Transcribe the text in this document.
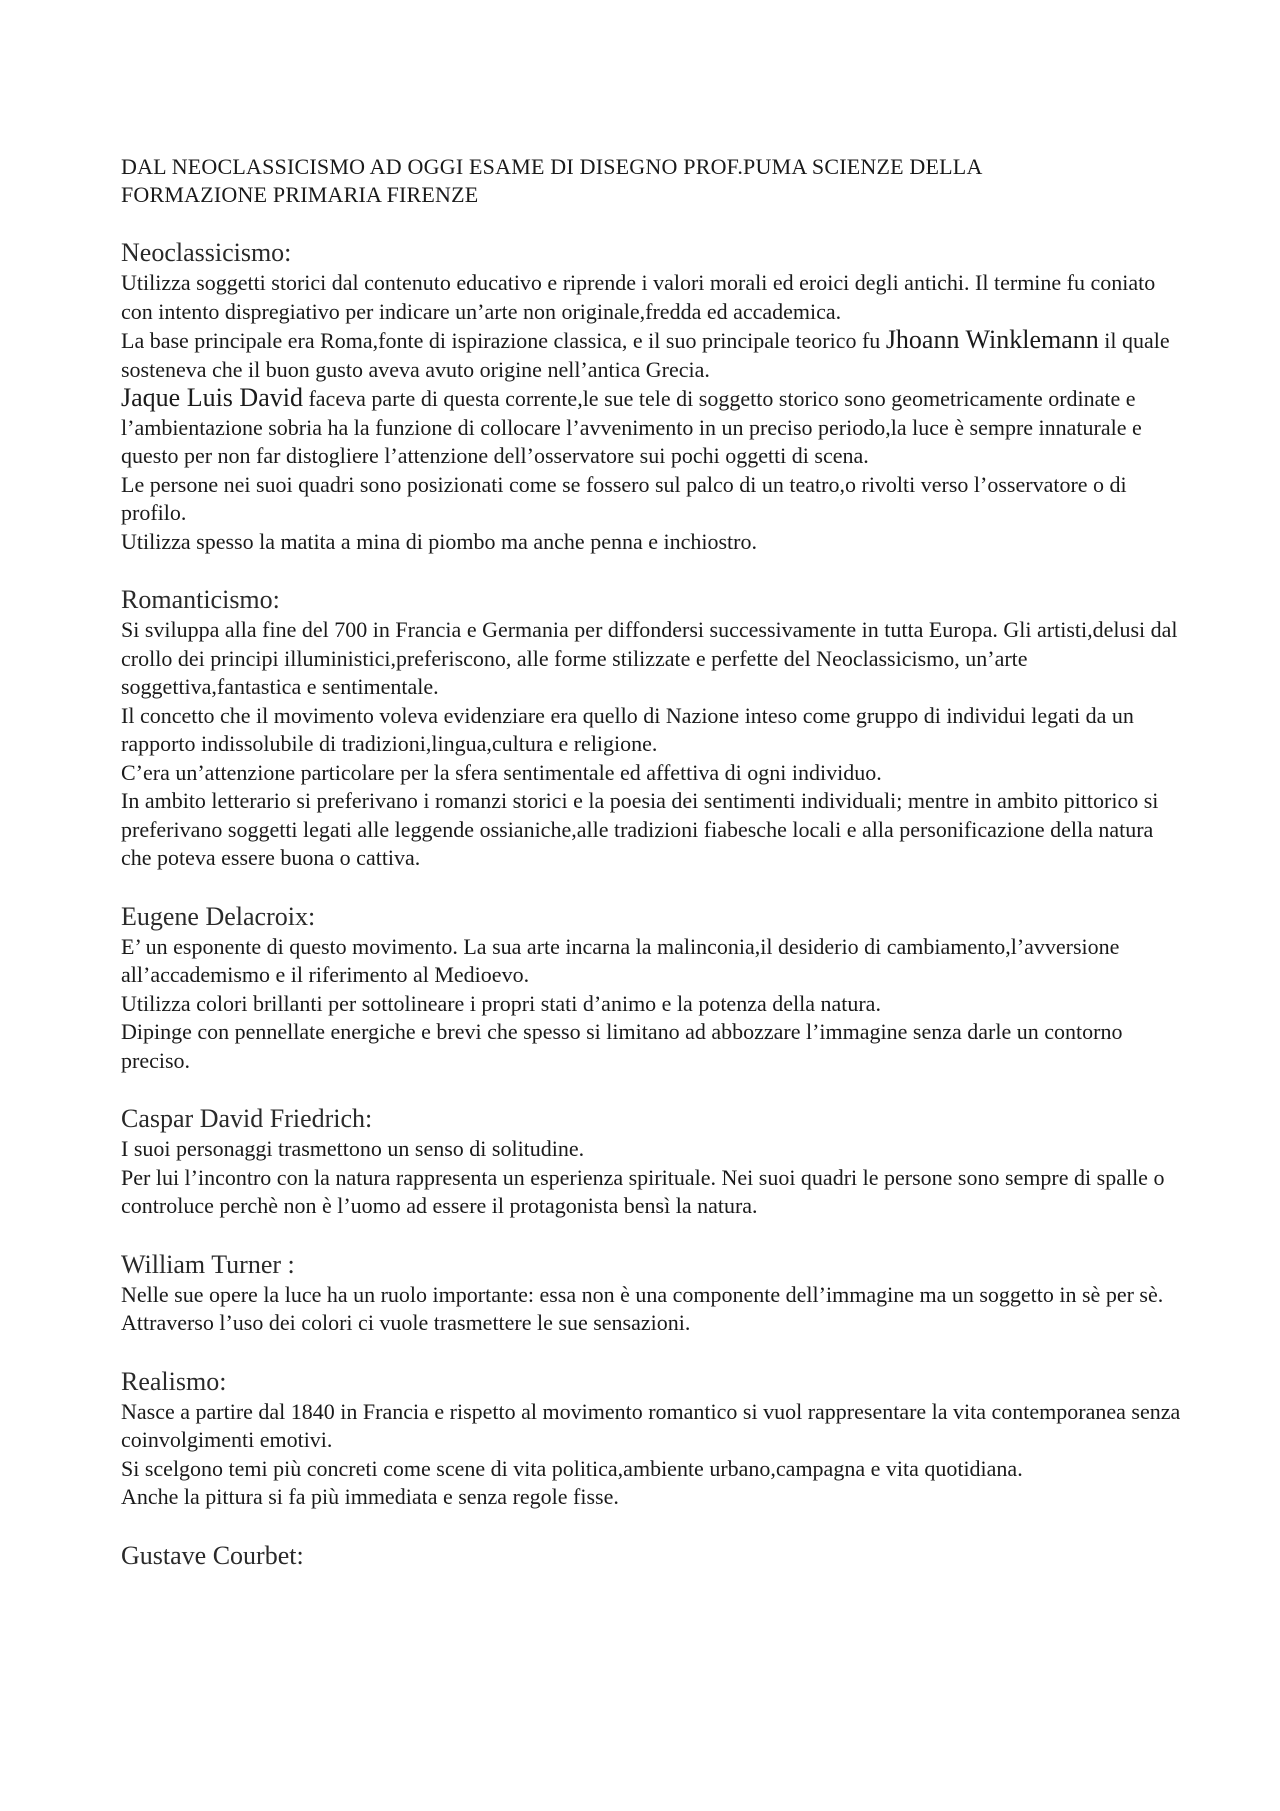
DAL NEOCLASSICISMO AD OGGI ESAME DI DISEGNO PROF.PUMA SCIENZE DELLA
FORMAZIONE PRIMARIA FIRENZE
Neoclassicismo:

Utilizza soggetti storici dal contenuto educativo e riprende i valori morali ed eroici degli antichi. Il termine fu coniato con intento dispregiativo per indicare un’arte non originale,fredda ed accademica.

La base principale era Roma,fonte di ispirazione classica, e il suo principale teorico fu Jhoann Winklemann il quale sosteneva che il buon gusto aveva avuto origine nell’antica Grecia.

Jaque Luis David faceva parte di questa corrente,le sue tele di soggetto storico sono geometricamente ordinate e l’ambientazione sobria ha la funzione di collocare l’avvenimento in un preciso periodo,la luce è sempre innaturale e questo per non far distogliere l’attenzione dell’osservatore sui pochi oggetti di scena.

Le persone nei suoi quadri sono posizionati come se fossero sul palco di un teatro,o rivolti verso l’osservatore o di profilo.

Utilizza spesso la matita a mina di piombo ma anche penna e inchiostro.

Romanticismo:

Si sviluppa alla fine del 700 in Francia e Germania per diffondersi successivamente in tutta Europa. Gli artisti,delusi dal crollo dei principi illuministici,preferiscono, alle forme stilizzate e perfette del Neoclassicismo, un’arte soggettiva,fantastica e sentimentale.

Il concetto che il movimento voleva evidenziare era quello di Nazione inteso come gruppo di individui legati da un rapporto indissolubile di tradizioni,lingua,cultura e religione.

C’era un’attenzione particolare per la sfera sentimentale ed affettiva di ogni individuo.

In ambito letterario si preferivano i romanzi storici e la poesia dei sentimenti individuali; mentre in ambito pittorico si preferivano soggetti legati alle leggende ossianiche,alle tradizioni fiabesche locali e alla personificazione della natura che poteva essere buona o cattiva.

Eugene Delacroix:

E’ un esponente di questo movimento. La sua arte incarna la malinconia,il desiderio di cambiamento,l’avversione all’accademismo e il riferimento al Medioevo.

Utilizza colori brillanti per sottolineare i propri stati d’animo e la potenza della natura.

Dipinge con pennellate energiche e brevi che spesso si limitano ad abbozzare l’immagine senza darle un contorno preciso.

Caspar David Friedrich:

I suoi personaggi trasmettono un senso di solitudine.

Per lui l’incontro con la natura rappresenta un esperienza spirituale. Nei suoi quadri le persone sono sempre di spalle o controluce perchè non è l’uomo ad essere il protagonista bensì la natura.

William Turner :

Nelle sue opere la luce ha un ruolo importante: essa non è una componente dell’immagine ma un soggetto in sè per sè. Attraverso l’uso dei colori ci vuole trasmettere le sue sensazioni.

Realismo:

Nasce a partire dal 1840 in Francia e rispetto al movimento romantico si vuol rappresentare la vita contemporanea senza coinvolgimenti emotivi.

Si scelgono temi più concreti come scene di vita politica,ambiente urbano,campagna e vita quotidiana.

Anche la pittura si fa più immediata e senza regole fisse.

Gustave Courbet:
